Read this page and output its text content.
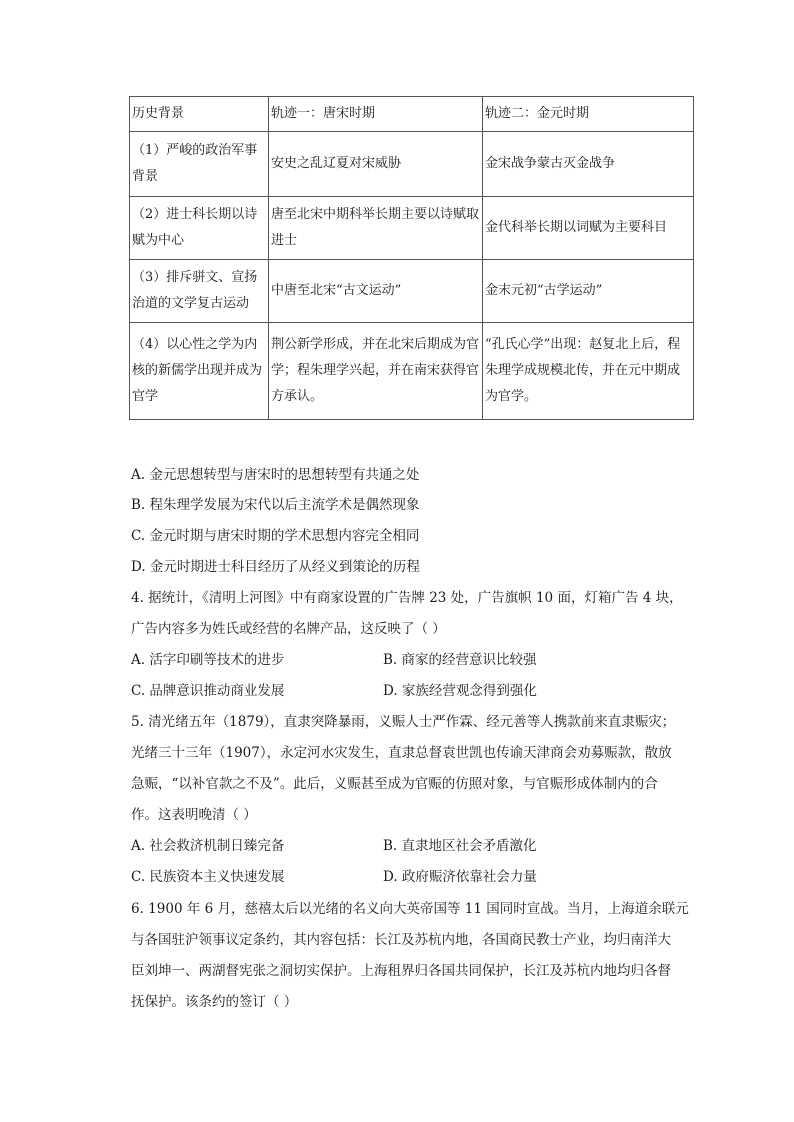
历史背景	轨迹一：唐宋时期	轨迹二：金元时期
（1）严峻的政治军事背景	安史之乱辽夏对宋威胁	金宋战争蒙古灭金战争
（2）进士科长期以诗赋为中心	唐至北宋中期科举长期主要以诗赋取进士	金代科举长期以词赋为主要科目
（3）排斥骈文、宣扬治道的文学复古运动	中唐至北宋“古文运动”	金末元初“古学运动”
（4）以心性之学为内核的新儒学出现并成为官学	荆公新学形成，并在北宋后期成为官学；程朱理学兴起，并在南宋获得官方承认。	“孔氏心学”出现：赵复北上后，程朱理学成规模北传，并在元中期成为官学。
A. 金元思想转型与唐宋时的思想转型有共通之处
B. 程朱理学发展为宋代以后主流学术是偶然现象
C. 金元时期与唐宋时期的学术思想内容完全相同
D. 金元时期进士科目经历了从经义到策论的历程
4. 据统计，《清明上河图》中有商家设置的广告牌 23 处，广告旗帜 10 面，灯箱广告 4 块，
广告内容多为姓氏或经营的名牌产品，这反映了（ ）
A. 活字印刷等技术的进步	B. 商家的经营意识比较强
C. 品牌意识推动商业发展	D. 家族经营观念得到强化
5. 清光绪五年（1879），直隶突降暴雨，义赈人士严作霖、经元善等人携款前来直隶赈灾；
光绪三十三年（1907），永定河水灾发生，直隶总督袁世凯也传谕天津商会劝募赈款，散放
急赈，“以补官款之不及”。此后，义赈甚至成为官赈的仿照对象，与官赈形成体制内的合
作。这表明晚清（ ）
A. 社会救济机制日臻完备	B. 直隶地区社会矛盾激化
C. 民族资本主义快速发展	D. 政府赈济依靠社会力量
6. 1900 年 6 月，慈禧太后以光绪的名义向大英帝国等 11 国同时宣战。当月，上海道余联元
与各国驻沪领事议定条约，其内容包括：长江及苏杭内地，各国商民教士产业，均归南洋大
臣刘坤一、两湖督宪张之洞切实保护。上海租界归各国共同保护，长江及苏杭内地均归各督
抚保护。该条约的签订（ ）
